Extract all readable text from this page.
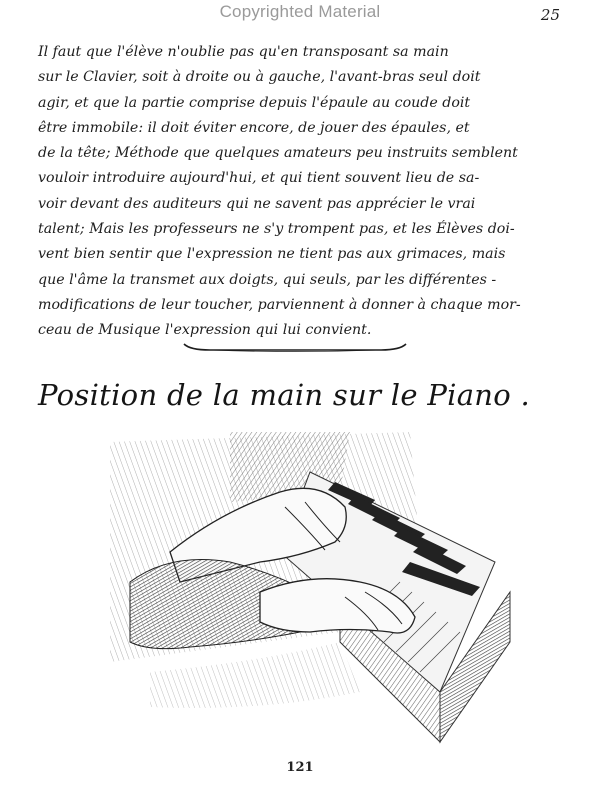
Copyrighted Material	25
Il faut que l'élève n'oublie pas qu'en transposant sa main
sur le Clavier, soit à droite ou à gauche, l'avant-bras seul doit
agir, et que la partie comprise depuis l'épaule au coude doit
être immobile: il doit éviter encore, de jouer des épaules, et
de la tête; Méthode que quelques amateurs peu instruits semblent
vouloir introduire aujourd'hui, et qui tient souvent lieu de sa-
voir devant des auditeurs qui ne savent pas apprécier le vrai
talent; Mais les professeurs ne s'y trompent pas, et les Élèves doi-
vent bien sentir que l'expression ne tient pas aux grimaces, mais
que l'âme la transmet aux doigts, qui seuls, par les différentes -
modifications de leur toucher, parviennent à donner à chaque mor-
ceau de Musique l'expression qui lui convient.
Position de la main sur le Piano .
121
